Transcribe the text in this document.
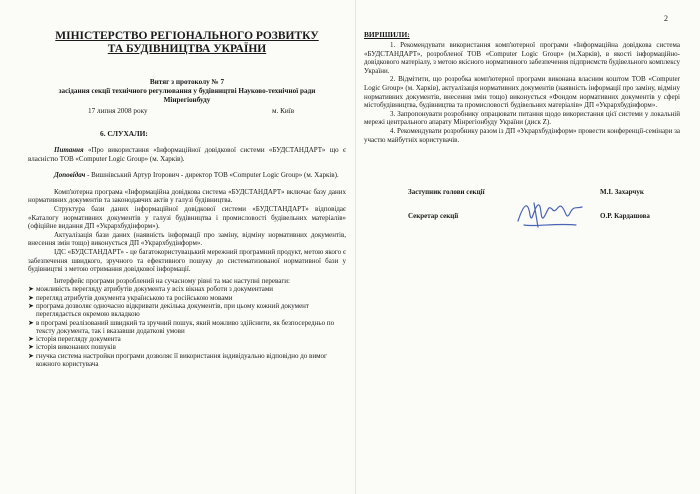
2
МІНІСТЕРСТВО РЕГІОНАЛЬНОГО РОЗВИТКУ
ТА БУДІВНИЦТВА УКРАЇНИ
Витяг з протоколу № 7
засідання секції технічного регулювання у будівництві Науково-технічної ради
Мінрегіонбуду
17 липня 2008 року	м. Київ
6. СЛУХАЛИ:

Питання «Про використання «Інформаційної довідкової системи «БУДСТАНДАРТ» що є власністю ТОВ «Computer Logic Group» (м. Харків).

Доповідач - Вишнівський Артур Ігорович - директор ТОВ «Computer Logic Group» (м. Харків).

Комп'ютерна програма «Інформаційна довідкова система «БУДСТАНДАРТ» включає базу даних нормативних документів та законодавчих актів у галузі будівництва.

Структура бази даних інформаційної довідкової системи «БУДСТАНДАРТ» відповідає «Каталогу нормативних документів у галузі будівництва і промисловості будівельних матеріалів» (офіційне видання ДП «Укрархбудінформ»).

Актуалізація бази даних (наявність інформації про заміну, відміну нормативних документів, внесення змін тощо) виконується ДП «Укрархбудінформ».

ІДС «БУДСТАНДАРТ» - це багатокористувацький мережний програмний продукт, метою якого є забезпечення швидкого, зручного та ефективного пошуку до систематизованої нормативної бази у будівництві з метою отримання довідкової інформації.

Інтерфейс програми розроблений на сучасному рівні та має наступні переваги:

➤ можливість перегляду атрибутів документа у всіх вікнах роботи з документами
➤ перегляд атрибутів документа українською та російською мовами
➤ програма дозволяє одночасно відкривати декілька документів, при цьому кожний документ переглядається окремою вкладкою
➤ в програмі реалізований швидкий та зручний пошук, який можливо здійснити, як безпосередньо по тексту документа, так і вказавши додаткові умови
➤ історія перегляду документа
➤ історія виконаних пошуків
➤ гнучка система настройки програми дозволяє її використання індивідуально відповідно до вимог кожного користувача
ВИРІШИЛИ:

1. Рекомендувати використання комп'ютерної програми «Інформаційна довідкова система «БУДСТАНДАРТ», розробленої ТОВ «Computer Logic Group» (м.Харків), в якості інформаційно-довідкового матеріалу, з метою якісного нормативного забезпечення підприємств будівельного комплексу України.

2. Відмітити, що розробка комп'ютерної програми виконана власним коштом ТОВ «Computer Logic Group» (м. Харків), актуалізація нормативних документів (наявність інформації про заміну, відміну нормативних документів, внесення змін тощо) виконується «Фондом нормативних документів у сфері містобудівництва, будівництва та промисловості будівельних матеріалів» ДП «Укрархбудінформ».

3. Запропонувати розробнику опрацювати питання щодо використання цієї системи у локальній мережі центрального апарату Мінрегіонбуду України (диск Z).

4. Рекомендувати розробнику разом із ДП «Укрархбудінформ» провести конференції-семінари за участю майбутніх користувачів.

Заступник голови секції	М.І. Захарчук
Секретар секції	О.Р. Кардашова
